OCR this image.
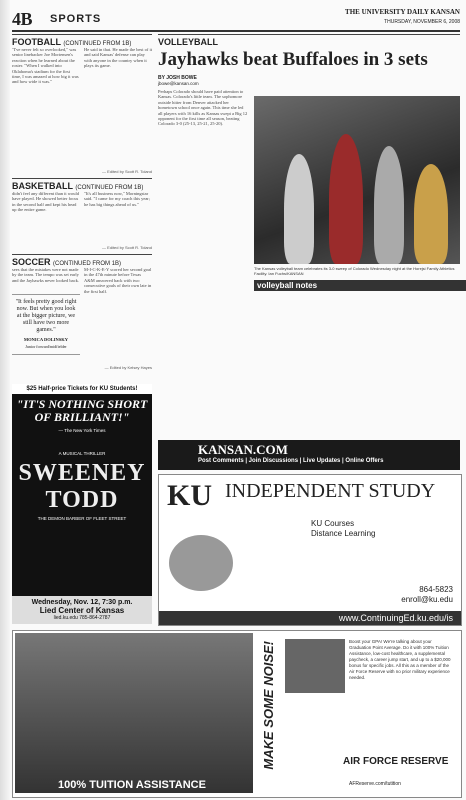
4B SPORTS
THE UNIVERSITY DAILY KANSAN
THURSDAY, NOVEMBER 6, 2008
FOOTBALL (CONTINUED FROM 1B)
"I've never felt so overlooked," was senior linebacker Joe Mortensen's reaction when he learned about the roster. "When I walked into Oklahoma's stadium for the first time, I was amazed at how big it was and how wide it was."
He said in that. He made the best of it and said Kansas' defense can play with anyone in the country when it plays its game.
— Edited by Scott R. Toland
BASKETBALL (CONTINUED FROM 1B)
didn't feel any different than it would have played. He showed better focus in the second half and kept his head up the entire game.
"It's all business now," Morningstar said. "I came for my coach this year; he has big things ahead of us."
— Edited by Scott R. Toland
SOCCER (CONTINUED FROM 1B)
sees that the mistakes were not made by the team. The tempo was set early and the Jayhawks never looked back.
"It feels pretty good right now. But when you look at the bigger picture, we still have two more games."
MONICA DOLINSKY
Junior forward/midfielder
M-I-C-K-E-Y scored her second goal in the 47th minute before Texas A&M answered back with two consecutive goals of their own late in the first half.
— Edited by Kelsey Hayes
VOLLEYBALL
Jayhawks beat Buffaloes in 3 sets
BY JOSH BOWE
jbowe@kansan.com
Perhaps Colorado should have paid attention to Kansas. Colorado's little team. The sophomore outside hitter from Denver attacked her hometown school once again. This time she led all players with 16 kills as Kansas swept a Big 12 opponent for the first time all season, beating Colorado 3-0 (25-13, 25-21, 25-20).
The Kansas volleyball team celebrates its 3-0 sweep of Colorado Wednesday night at the Horejsi Family Athletics Facility. Ian Fuchs/KANSAN
volleyball notes
$25 Half-price Tickets for KU Students!
"IT'S NOTHING SHORT OF BRILLIANT!"
— The New York Times
A MUSICAL THRILLER
SWEENEY TODD
THE DEMON BARBER OF FLEET STREET
Wednesday, Nov. 12, 7:30 p.m.
Lied Center of Kansas
lied.ku.edu 785-864-2787
KANSAN.COM
Post Comments | Join Discussions | Live Updates | Online Offers
KU INDEPENDENT STUDY
KU Courses
Distance Learning
864-5823
enroll@ku.edu
www.ContinuingEd.ku.edu/is
100% TUITION ASSISTANCE
MAKE SOME NOISE!	Boost your GPA! We're talking about your Graduation Point Average. Do it with 100% Tuition Assistance, low-cost healthcare, a supplemental paycheck, a career jump start, and up to a $20,000 bonus for specific jobs. All this as a member of the Air Force Reserve with no prior military experience needed.
AIR FORCE RESERVE
AFReserve.com/tutition
